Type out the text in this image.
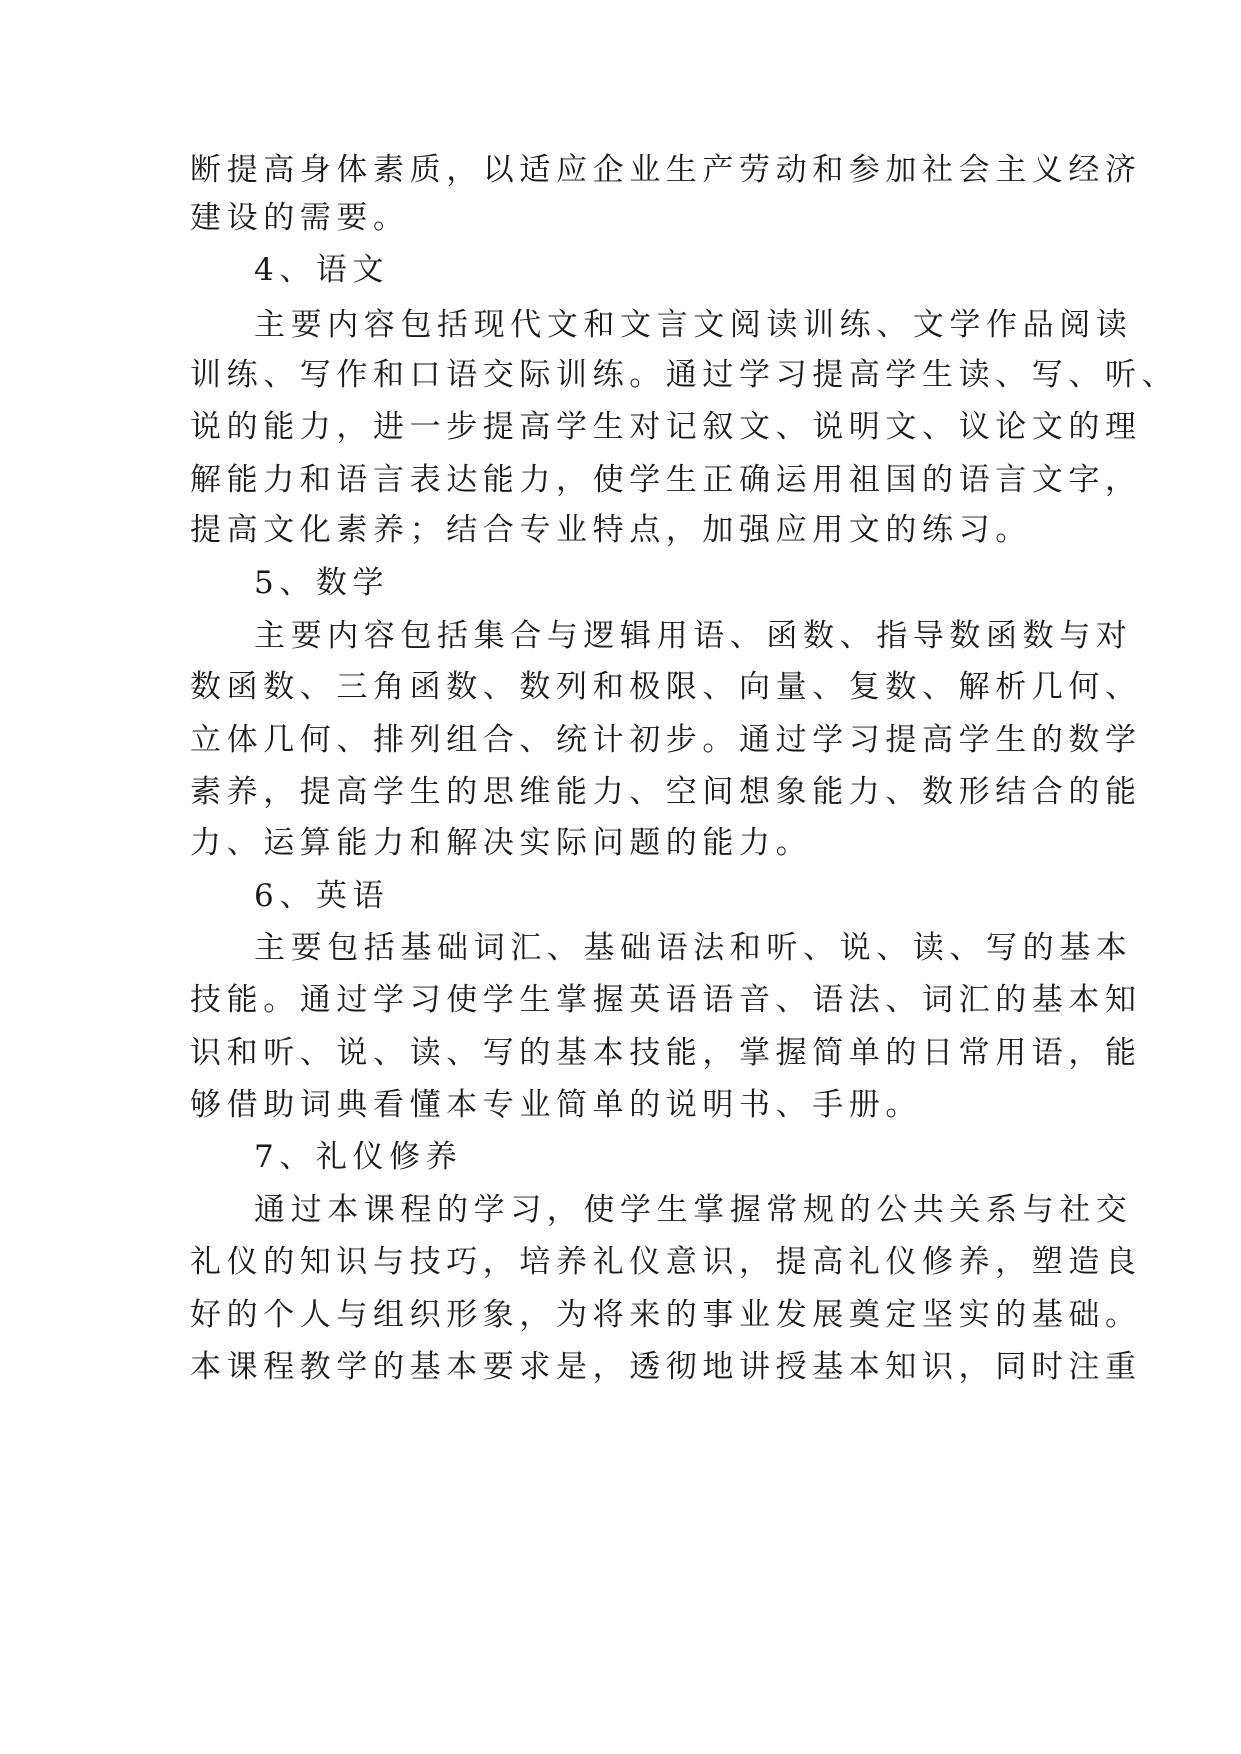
断提高身体素质，以适应企业生产劳动和参加社会主义经济
建设的需要。
4、语文
主要内容包括现代文和文言文阅读训练、文学作品阅读
训练、写作和口语交际训练。通过学习提高学生读、写、听、
说的能力，进一步提高学生对记叙文、说明文、议论文的理
解能力和语言表达能力，使学生正确运用祖国的语言文字，
提高文化素养；结合专业特点，加强应用文的练习。
5、数学
主要内容包括集合与逻辑用语、函数、指导数函数与对
数函数、三角函数、数列和极限、向量、复数、解析几何、
立体几何、排列组合、统计初步。通过学习提高学生的数学
素养，提高学生的思维能力、空间想象能力、数形结合的能
力、运算能力和解决实际问题的能力。
6、英语
主要包括基础词汇、基础语法和听、说、读、写的基本
技能。通过学习使学生掌握英语语音、语法、词汇的基本知
识和听、说、读、写的基本技能，掌握简单的日常用语，能
够借助词典看懂本专业简单的说明书、手册。
7、礼仪修养
通过本课程的学习，使学生掌握常规的公共关系与社交
礼仪的知识与技巧，培养礼仪意识，提高礼仪修养，塑造良
好的个人与组织形象，为将来的事业发展奠定坚实的基础。
本课程教学的基本要求是，透彻地讲授基本知识，同时注重
